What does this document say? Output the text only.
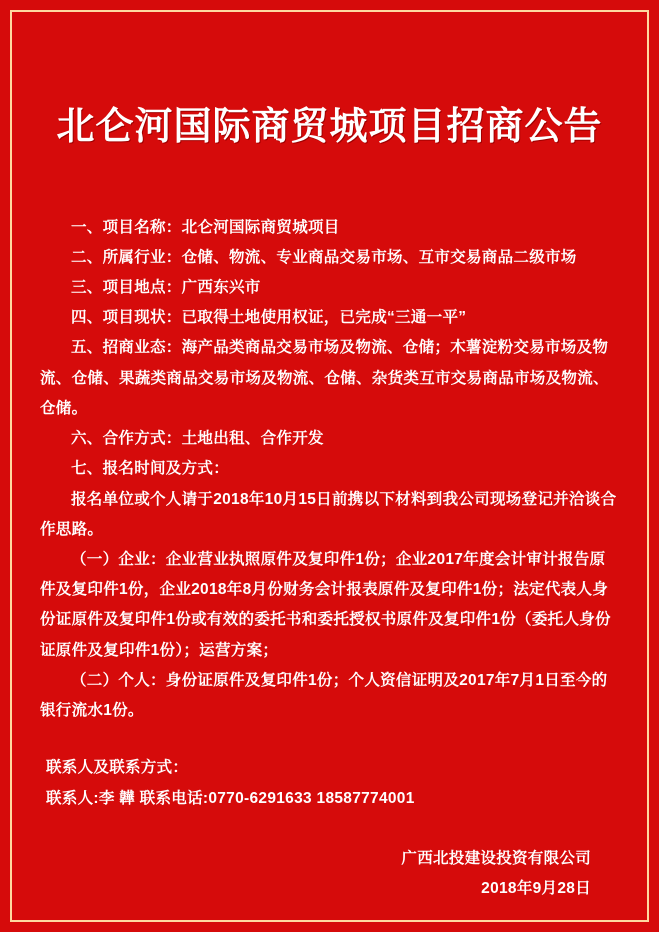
北仑河国际商贸城项目招商公告

一、项目名称：北仑河国际商贸城项目

二、所属行业：仓储、物流、专业商品交易市场、互市交易商品二级市场

三、项目地点：广西东兴市

四、项目现状：已取得土地使用权证，已完成“三通一平”

五、招商业态：海产品类商品交易市场及物流、仓储；木薯淀粉交易市场及物流、仓储、果蔬类商品交易市场及物流、仓储、杂货类互市交易商品市场及物流、仓储。

六、合作方式：土地出租、合作开发

七、报名时间及方式：

报名单位或个人请于2018年10月15日前携以下材料到我公司现场登记并洽谈合作思路。

（一）企业：企业营业执照原件及复印件1份；企业2017年度会计审计报告原件及复印件1份，企业2018年8月份财务会计报表原件及复印件1份；法定代表人身份证原件及复印件1份或有效的委托书和委托授权书原件及复印件1份（委托人身份证原件及复印件1份）；运营方案；

（二）个人：身份证原件及复印件1份；个人资信证明及2017年7月1日至今的银行流水1份。

联系人及联系方式：
联系人:李 韡 联系电话:0770-6291633 18587774001
广西北投建设投资有限公司
2018年9月28日
